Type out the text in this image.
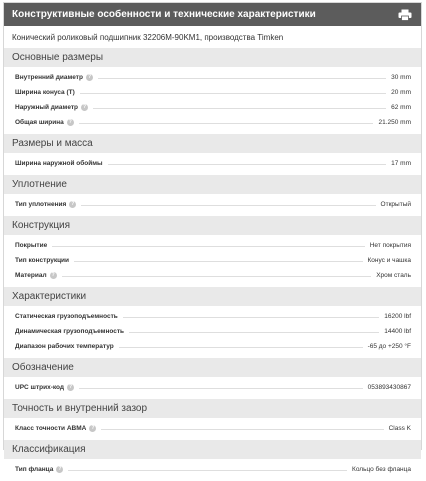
Конструктивные особенности и технические характеристики
Конический роликовый подшипник 32206M-90KM1, производства Timken
Основные размеры
Внутренний диаметр ?	30 mm
Ширина конуса (T)	20 mm
Наружный диаметр ?	62 mm
Общая ширина ?	21.250 mm
Размеры и масса
Ширина наружной обоймы	17 mm
Уплотнение
Тип уплотнения ?	Открытый
Конструкция
Покрытие	Нет покрытия
Тип конструкции	Конус и чашка
Материал ?	Хром сталь
Характеристики
Статическая грузоподъемность	16200 lbf
Динамическая грузоподъемность	14400 lbf
Диапазон рабочих температур	-65 до +250 °F
Обозначение
UPC штрих-код ?	053893430867
Точность и внутренний зазор
Класс точности ABMA ?	Class K
Классификация
Тип фланца ?	Кольцо без фланца
